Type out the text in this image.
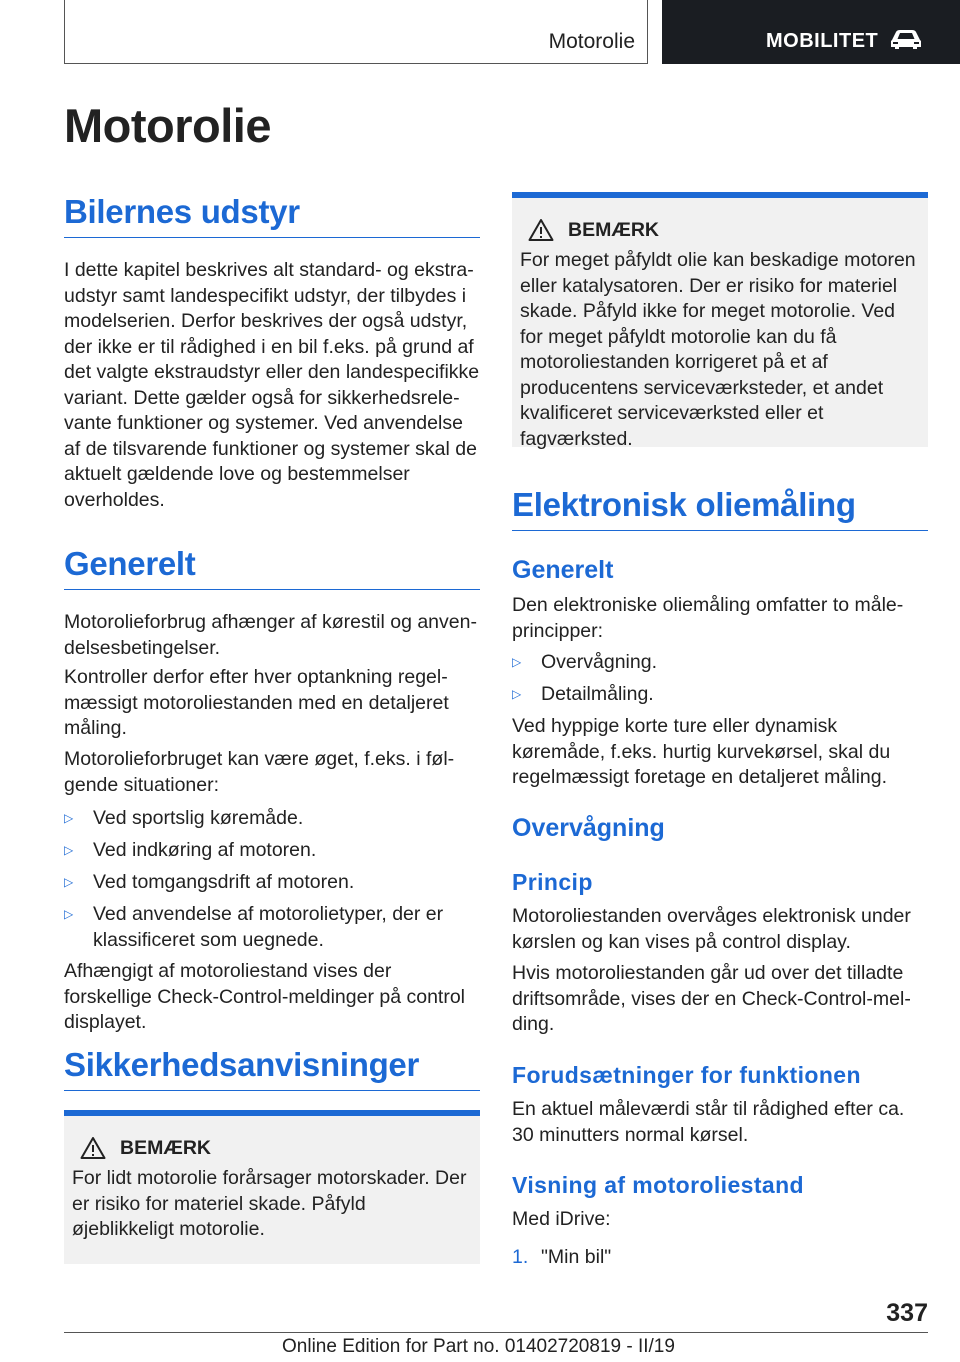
Motorolie	MOBILITET
Motorolie
Bilernes udstyr

I dette kapitel beskrives alt standard- og ekstraudstyr samt landespecifikt udstyr, der tilbydes i modelserien. Derfor beskrives der også udstyr, der ikke er til rådighed i en bil f.eks. på grund af det valgte ekstraudstyr eller den landespecifikke variant. Dette gælder også for sikkerhedsrelevante funktioner og systemer. Ved anvendelse af de tilsvarende funktioner og systemer skal de aktuelt gældende love og bestemmelser overholdes.

Generelt

Motorolieforbrug afhænger af kørestil og anvendelsesbetingelser.

Kontroller derfor efter hver optankning regelmæssigt motoroliestanden med en detaljeret måling.

Motorolieforbruget kan være øget, f.eks. i følgende situationer:

▷ Ved sportslig køremåde.
▷ Ved indkøring af motoren.
▷ Ved tomgangsdrift af motoren.
▷ Ved anvendelse af motorolietyper, der er klassificeret som uegnede.

Afhængigt af motoroliestand vises der forskellige Check-Control-meldinger på control displayet.

Sikkerhedsanvisninger
BEMÆRK

For lidt motorolie forårsager motorskader. Der er risiko for materiel skade. Påfyld øjeblikkeligt motorolie.

BEMÆRK

For meget påfyldt olie kan beskadige motoren eller katalysatoren. Der er risiko for materiel skade. Påfyld ikke for meget motorolie. Ved for meget påfyldt motorolie kan du få motoroliestanden korrigeret på et af producentens serviceværksteder, et andet kvalificeret serviceværksted eller et fagværksted.

Elektronisk oliemåling
Generelt

Den elektroniske oliemåling omfatter to måleprincipper:

▷ Overvågning.
▷ Detailmåling.

Ved hyppige korte ture eller dynamisk køremåde, f.eks. hurtig kurvekørsel, skal du regelmæssigt foretage en detaljeret måling.

Overvågning
Princip

Motoroliestanden overvåges elektronisk under kørslen og kan vises på control display.

Hvis motoroliestanden går ud over det tilladte driftsområde, vises der en Check-Control-melding.

Forudsætninger for funktionen

En aktuel måleværdi står til rådighed efter ca. 30 minutters normal kørsel.

Visning af motoroliestand

Med iDrive:

1. "Min bil"
337
Online Edition for Part no. 01402720819 - II/19
